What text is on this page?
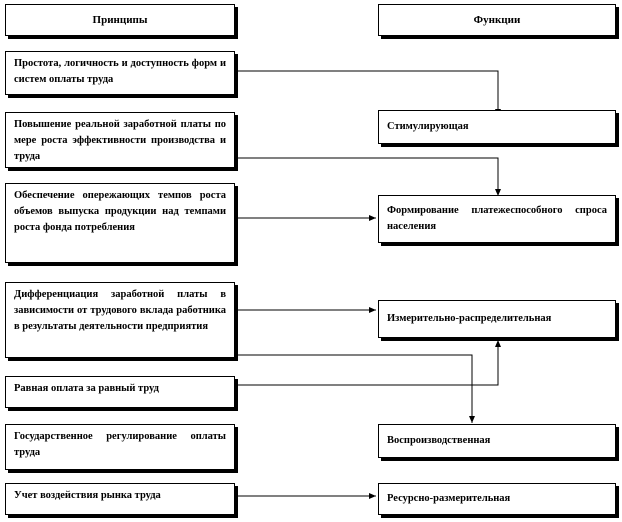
Принципы	Функции
Простота, логичность и доступность форм и систем оплаты труда
Повышение реальной заработной платы по мере роста эффективности производства и труда
Обеспечение опережающих темпов роста объемов выпуска продукции над темпами роста фонда потребления
Дифференциация заработной платы в зависимости от трудового вклада работника в результаты деятельности предприятия
Равная оплата за равный труд
Государственное регулирование оплаты труда
Учет воздействия рынка труда
Стимулирующая
Формирование платежеспособного спроса населения
Измерительно-распределительная
Воспроизводственная
Ресурсно-размерительная
